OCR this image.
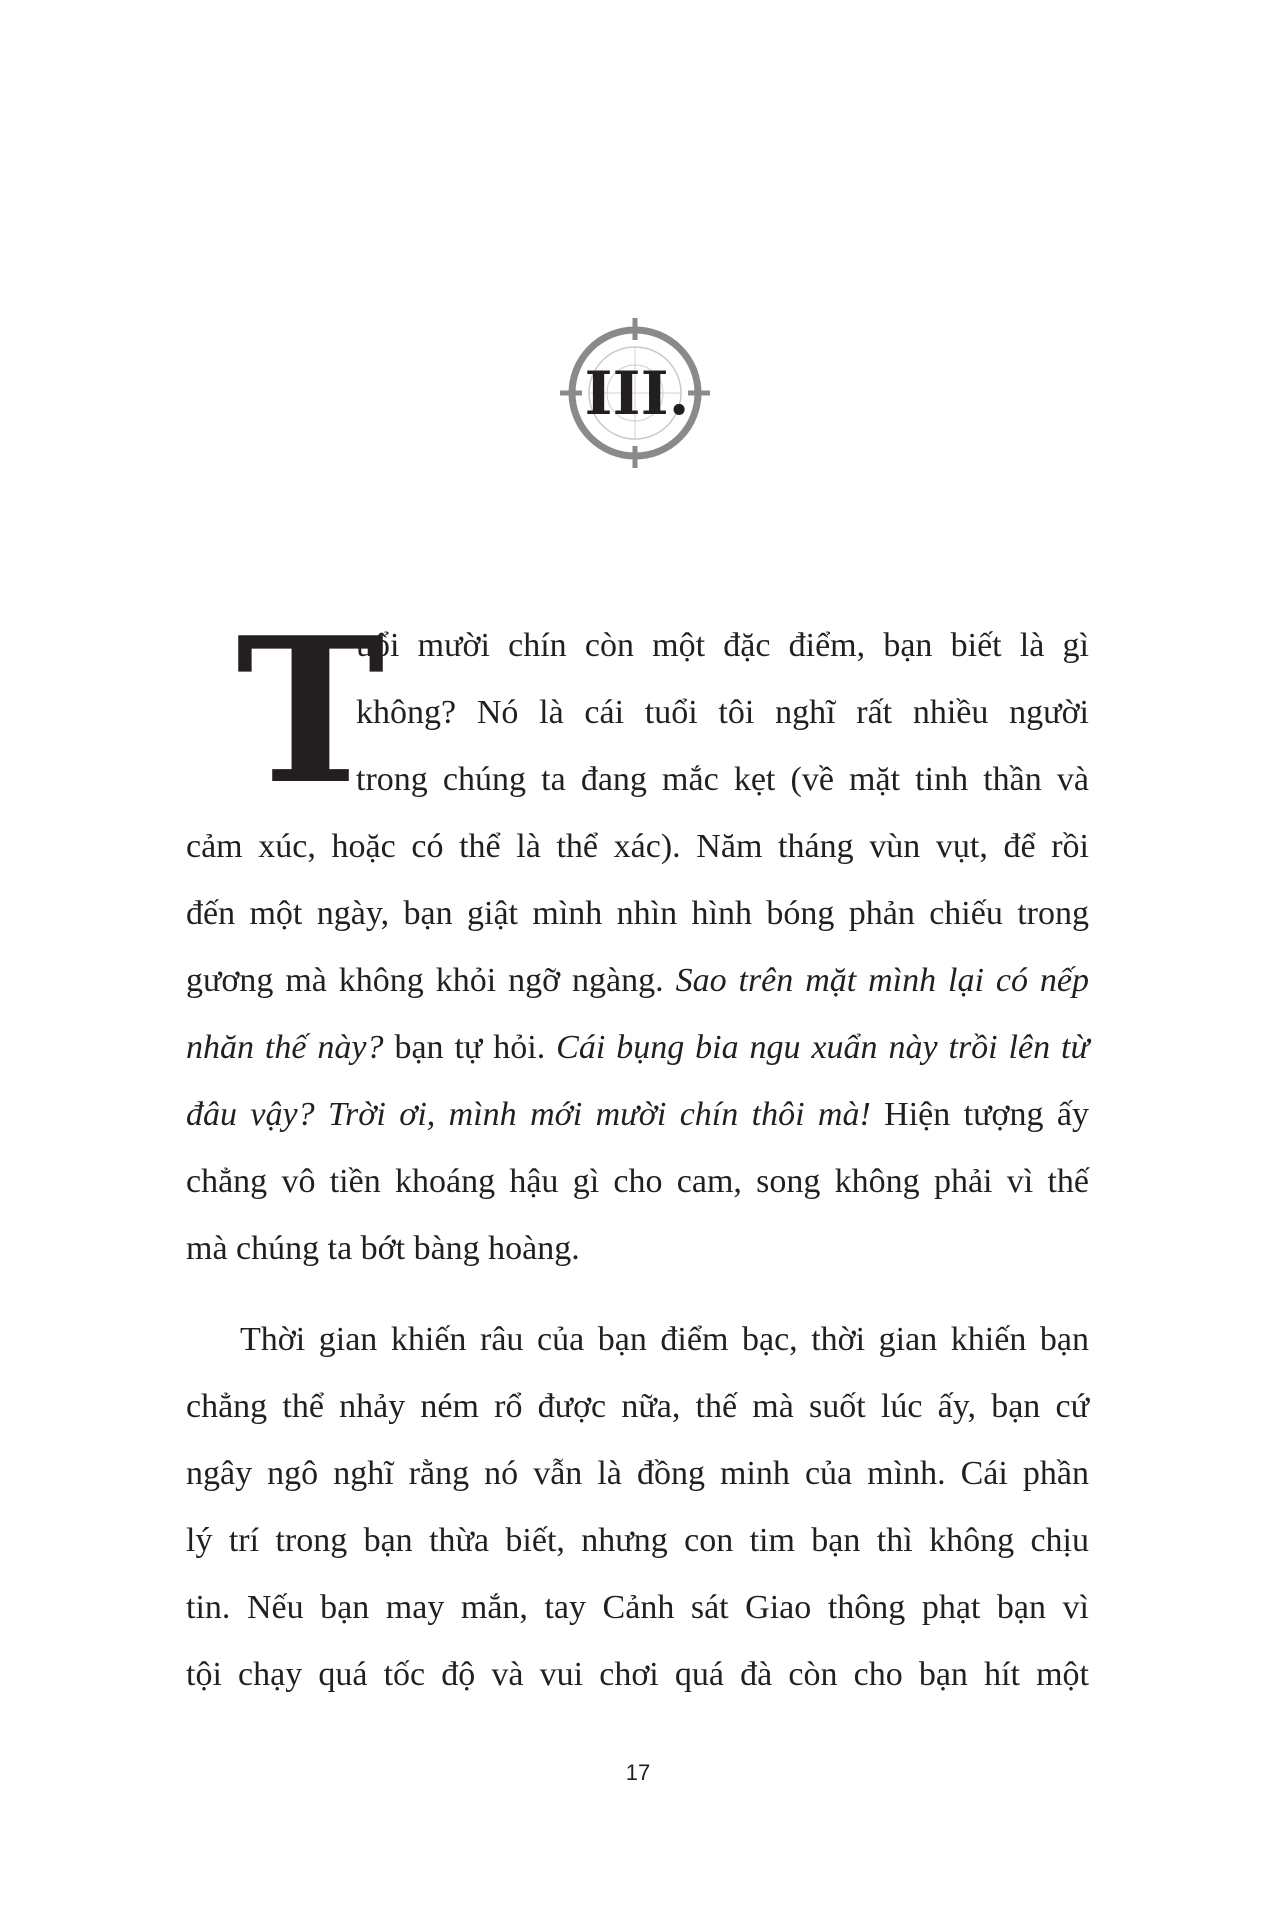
III.
T
uổi mười chín còn một đặc điểm, bạn biết là gì
không? Nó là cái tuổi tôi nghĩ rất nhiều người
trong chúng ta đang mắc kẹt (về mặt tinh thần và
cảm xúc, hoặc có thể là thể xác). Năm tháng vùn vụt, để rồi
đến một ngày, bạn giật mình nhìn hình bóng phản chiếu trong
gương mà không khỏi ngỡ ngàng. Sao trên mặt mình lại có nếp
nhăn thế này? bạn tự hỏi. Cái bụng bia ngu xuẩn này trồi lên từ
đâu vậy? Trời ơi, mình mới mười chín thôi mà! Hiện tượng ấy
chẳng vô tiền khoáng hậu gì cho cam, song không phải vì thế
mà chúng ta bớt bàng hoàng.
Thời gian khiến râu của bạn điểm bạc, thời gian khiến bạn
chẳng thể nhảy ném rổ được nữa, thế mà suốt lúc ấy, bạn cứ
ngây ngô nghĩ rằng nó vẫn là đồng minh của mình. Cái phần
lý trí trong bạn thừa biết, nhưng con tim bạn thì không chịu
tin. Nếu bạn may mắn, tay Cảnh sát Giao thông phạt bạn vì
tội chạy quá tốc độ và vui chơi quá đà còn cho bạn hít một
17
